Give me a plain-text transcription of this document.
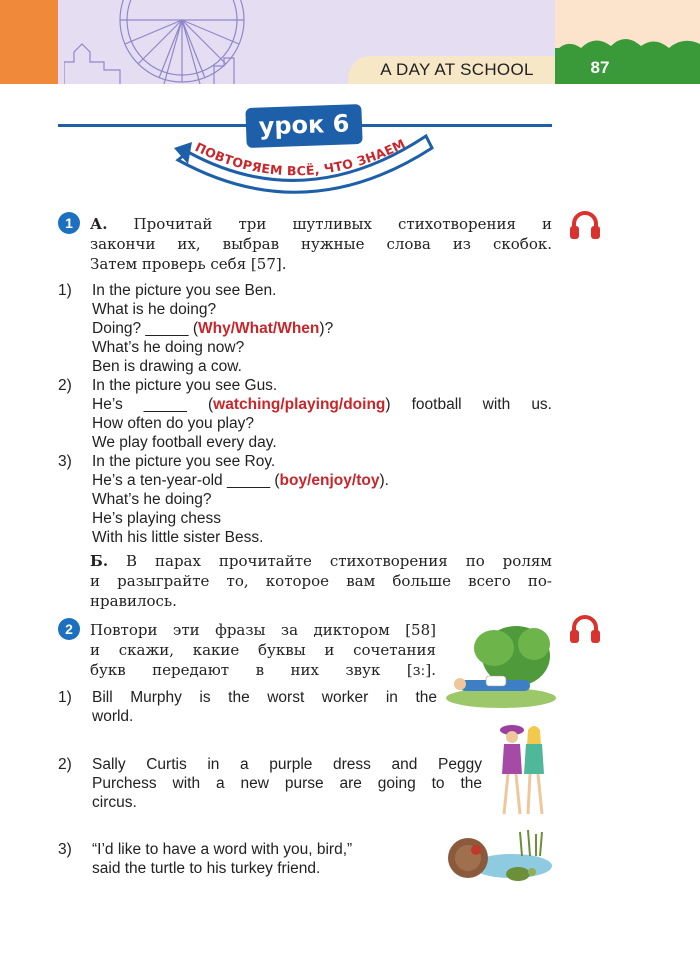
A DAY AT SCHOOL	87
ПОВТОРЯЕМ ВСЁ, ЧТО ЗНАЕМ
урок 6
1	А. Прочитай три шутливых стихотворения и
закончи их, выбрав нужные слова из скобок.
Затем проверь себя [57].
1) In the picture you see Ben.
What is he doing?
Doing? _____ (Why/What/When)?
What’s he doing now?
Ben is drawing a cow.
2) In the picture you see Gus.
He’s _____ (watching/playing/doing) football with us.
How often do you play?
We play football every day.
3) In the picture you see Roy.
He’s a ten-year-old _____ (boy/enjoy/toy).
What’s he doing?
He’s playing chess
With his little sister Bess.
Б. В парах прочитайте стихотворения по ролям
и разыграйте то, которое вам больше всего по-
нравилось.
2	Повтори эти фразы за диктором [58]
и скажи, какие буквы и сочетания
букв передают в них звук [ɜː].
1) Bill Murphy is the worst worker in the
world.
2) Sally Curtis in a purple dress and Peggy
Purchess with a new purse are going to the
circus.
3) “I’d like to have a word with you, bird,”
said the turtle to his turkey friend.
